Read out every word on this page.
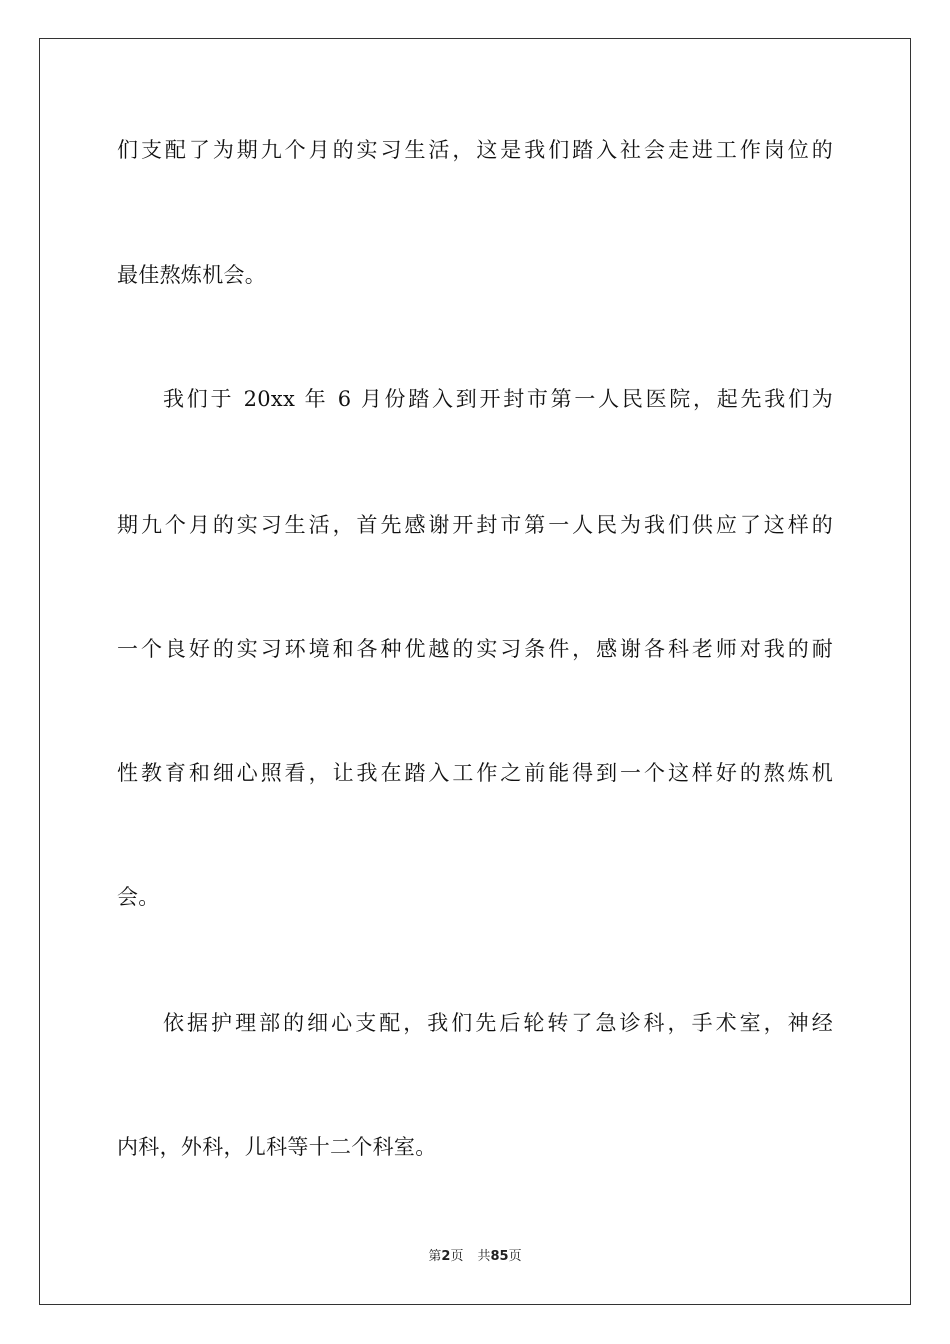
们支配了为期九个月的实习生活，这是我们踏入社会走进工作岗位的
最佳熬炼机会。
我们于 20xx 年 6 月份踏入到开封市第一人民医院，起先我们为
期九个月的实习生活，首先感谢开封市第一人民为我们供应了这样的
一个良好的实习环境和各种优越的实习条件，感谢各科老师对我的耐
性教育和细心照看，让我在踏入工作之前能得到一个这样好的熬炼机
会。
依据护理部的细心支配，我们先后轮转了急诊科，手术室，神经
内科，外科，儿科等十二个科室。
第2页 共85页
